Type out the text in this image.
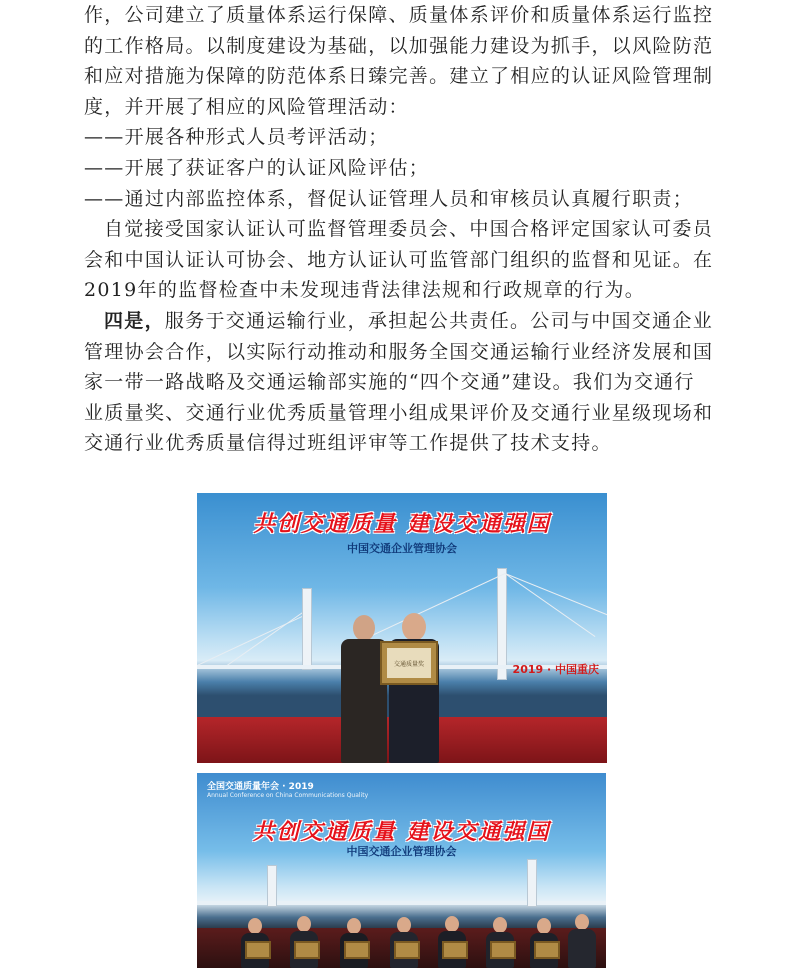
作，公司建立了质量体系运行保障、质量体系评价和质量体系运行监控
的工作格局。以制度建设为基础，以加强能力建设为抓手，以风险防范
和应对措施为保障的防范体系日臻完善。建立了相应的认证风险管理制
度，并开展了相应的风险管理活动：
——开展各种形式人员考评活动；
——开展了获证客户的认证风险评估；
——通过内部监控体系，督促认证管理人员和审核员认真履行职责；
自觉接受国家认证认可监督管理委员会、中国合格评定国家认可委员
会和中国认证认可协会、地方认证认可监管部门组织的监督和见证。在
2019年的监督检查中未发现违背法律法规和行政规章的行为。
四是，服务于交通运输行业，承担起公共责任。公司与中国交通企业
管理协会合作，以实际行动推动和服务全国交通运输行业经济发展和国
家一带一路战略及交通运输部实施的“四个交通”建设。我们为交通行
业质量奖、交通行业优秀质量管理小组成果评价及交通行业星级现场和
交通行业优秀质量信得过班组评审等工作提供了技术支持。
共创交通质量 建设交通强国
中国交通企业管理协会
2019 · 中国重庆
交通质量奖
全国交通质量年会 · 2019
Annual Conference on China Communications Quality
共创交通质量 建设交通强国
中国交通企业管理协会
